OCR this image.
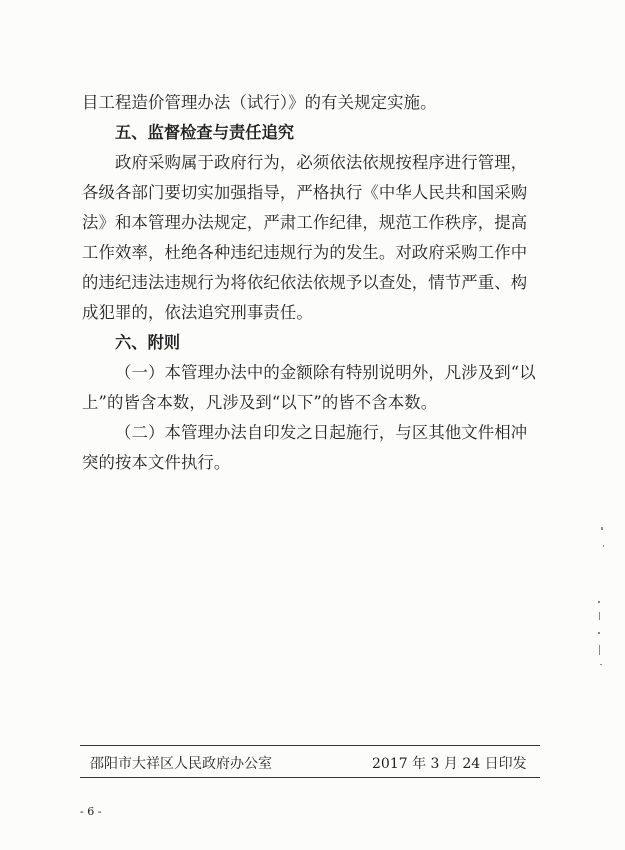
目工程造价管理办法（试行）》的有关规定实施。
五、监督检查与责任追究
政府采购属于政府行为，必须依法依规按程序进行管理，
各级各部门要切实加强指导，严格执行《中华人民共和国采购
法》和本管理办法规定，严肃工作纪律，规范工作秩序，提高
工作效率，杜绝各种违纪违规行为的发生。对政府采购工作中
的违纪违法违规行为将依纪依法依规予以查处，情节严重、构
成犯罪的，依法追究刑事责任。
六、附则
（一）本管理办法中的金额除有特别说明外，凡涉及到“以
上”的皆含本数，凡涉及到“以下”的皆不含本数。
（二）本管理办法自印发之日起施行，与区其他文件相冲
突的按本文件执行。
邵阳市大祥区人民政府办公室	2017 年 3 月 24 日印发
- 6 -
